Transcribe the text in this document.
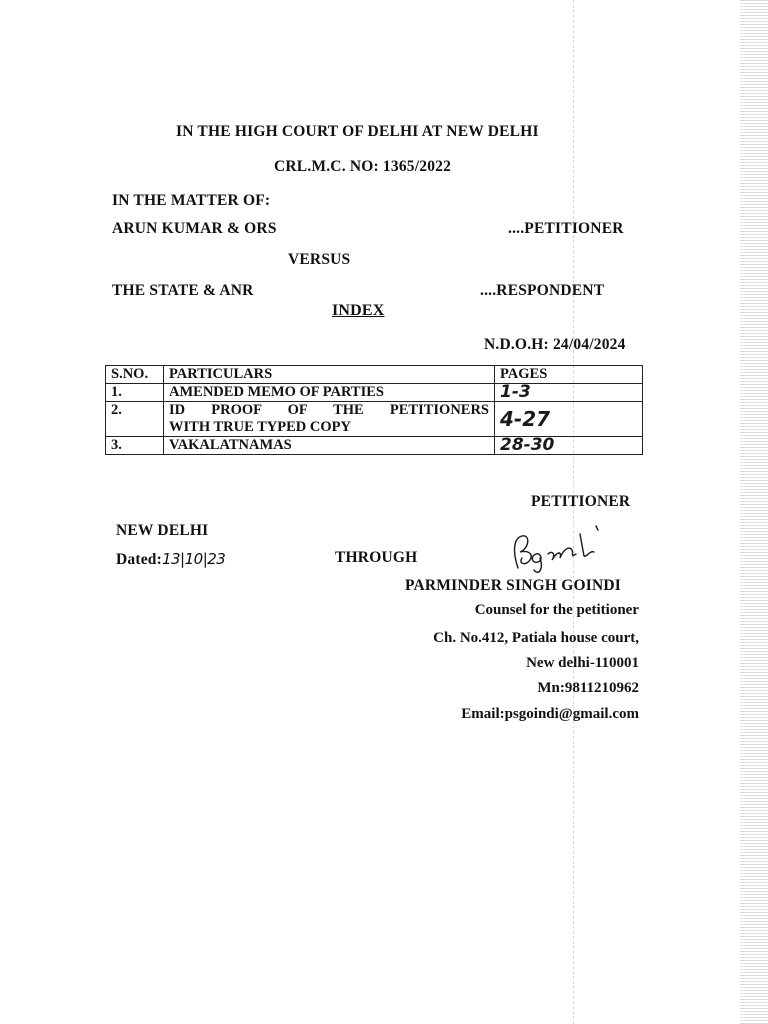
IN THE HIGH COURT OF DELHI AT NEW DELHI
CRL.M.C. NO: 1365/2022
IN THE MATTER OF:
ARUN KUMAR & ORS	....PETITIONER
VERSUS
THE STATE & ANR	....RESPONDENT
INDEX
N.D.O.H: 24/04/2024
S.NO.	PARTICULARS	PAGES
1.	AMENDED MEMO OF PARTIES	1-3
2.	ID PROOF OF THE PETITIONERS
WITH TRUE TYPED COPY	4-27
3.	VAKALATNAMAS	28-30
PETITIONER
NEW DELHI
Dated:13|10|23	THROUGH
PARMINDER SINGH GOINDI
Counsel for the petitioner
Ch. No.412, Patiala house court,
New delhi-110001
Mn:9811210962
Email:psgoindi@gmail.com
